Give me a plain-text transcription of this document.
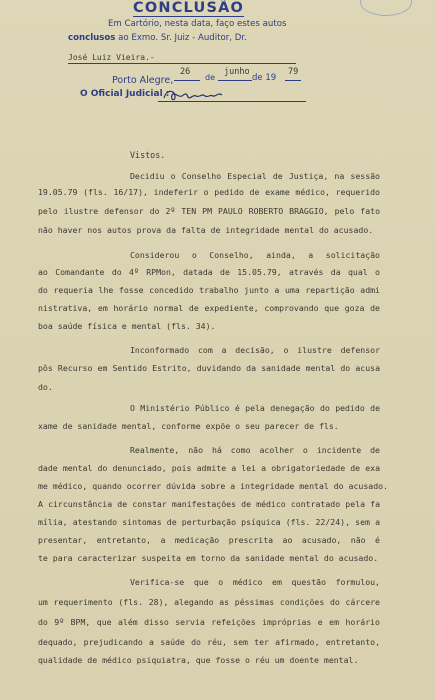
CONCLUSÃO
Em Cartório, nesta data, faço estes autos
conclusos ao Exmo. Sr. Juiz - Auditor, Dr.
José Luiz Vieira.-
Porto Alegre,
26
de
junho
de 19
79
O Oficial Judicial :
Vistos.
Decidiu o Conselho Especial de Justiça, na sessão
19.05.79 (fls. 16/17), indeferir o pedido de exame médico, requerido
pelo ilustre defensor do 2º TEN PM PAULO ROBERTO BRAGGIO, pelo fato
não haver nos autos prova da falta de integridade mental do acusado.
Considerou o Conselho, ainda, a solicitação
ao Comandante do 4º RPMon, datada de 15.05.79, através da qual o
do requeria lhe fosse concedido trabalho junto a uma repartição admi
nistrativa, em horário normal de expediente, comprovando que goza de
boa saúde física e mental (fls. 34).
Inconformado com a decisão, o ilustre defensor
pôs Recurso em Sentido Estrito, duvidando da sanidade mental do acusa
do.
O Ministério Público é pela denegação do pedido de
xame de sanidade mental, conforme expõe o seu parecer de fls.
Realmente, não há como acolher o incidente de
dade mental do denunciado, pois admite a lei a obrigatoriedade de exa
me médico, quando ocorrer dúvida sobre a integridade mental do acusado.
A circunstância de constar manifestações de médico contratado pela fa
mília, atestando sintomas de perturbação psíquica (fls. 22/24), sem a
presentar, entretanto, a medicação prescrita ao acusado, não é
te para caracterizar suspeita em torno da sanidade mental do acusado.
Verifica-se que o médico em questão formulou,
um requerimento (fls. 28), alegando as péssimas condições do cárcere
do 9º BPM, que além disso servia refeições impróprias e em horário
dequado, prejudicando a saúde do réu, sem ter afirmado, entretanto,
qualidade de médico psiquiatra, que fosse o réu um doente mental.
